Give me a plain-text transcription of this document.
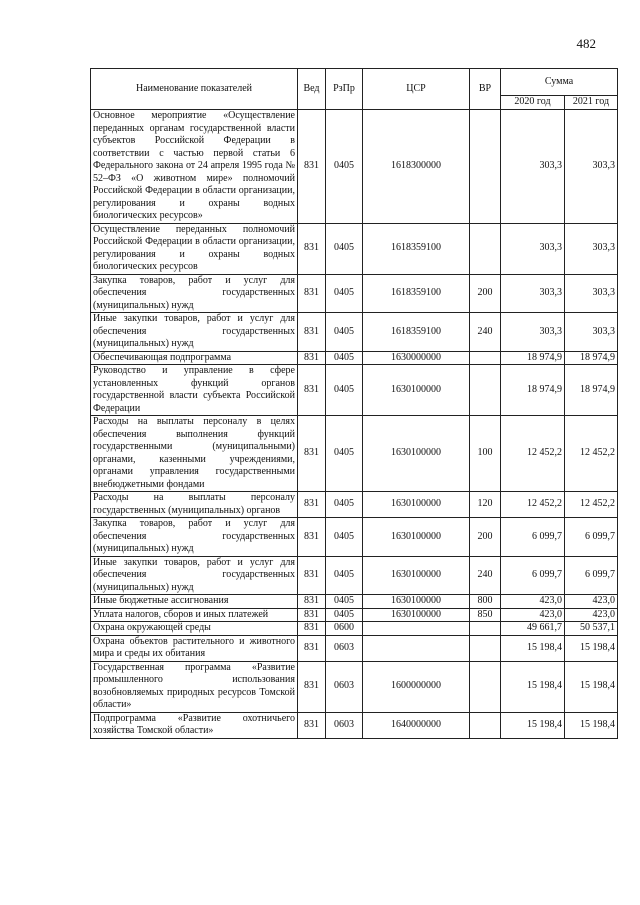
482
Наименование показателей	Вед	РзПр	ЦСР	ВР	Сумма	
					2020 год	2021 год
Основное мероприятие «Осуществление переданных органам государственной власти субъектов Российской Федерации в соответствии с частью первой статьи 6 Федерального закона от 24 апреля 1995 года № 52–ФЗ «О животном мире» полномочий Российской Федерации в области организации, регулирования и охраны водных биологических ресурсов»	831	0405	1618300000		303,3	303,3
Осуществление переданных полномочий Российской Федерации в области организации, регулирования и охраны водных биологических ресурсов	831	0405	1618359100		303,3	303,3
Закупка товаров, работ и услуг для обеспечения государственных (муниципальных) нужд	831	0405	1618359100	200	303,3	303,3
Иные закупки товаров, работ и услуг для обеспечения государственных (муниципальных) нужд	831	0405	1618359100	240	303,3	303,3
Обеспечивающая подпрограмма	831	0405	1630000000		18 974,9	18 974,9
Руководство и управление в сфере установленных функций органов государственной власти субъекта Российской Федерации	831	0405	1630100000		18 974,9	18 974,9
Расходы на выплаты персоналу в целях обеспечения выполнения функций государственными (муниципальными) органами, казенными учреждениями, органами управления государственными внебюджетными фондами	831	0405	1630100000	100	12 452,2	12 452,2
Расходы на выплаты персоналу государственных (муниципальных) органов	831	0405	1630100000	120	12 452,2	12 452,2
Закупка товаров, работ и услуг для обеспечения государственных (муниципальных) нужд	831	0405	1630100000	200	6 099,7	6 099,7
Иные закупки товаров, работ и услуг для обеспечения государственных (муниципальных) нужд	831	0405	1630100000	240	6 099,7	6 099,7
Иные бюджетные ассигнования	831	0405	1630100000	800	423,0	423,0
Уплата налогов, сборов и иных платежей	831	0405	1630100000	850	423,0	423,0
Охрана окружающей среды	831	0600			49 661,7	50 537,1
Охрана объектов растительного и животного мира и среды их обитания	831	0603			15 198,4	15 198,4
Государственная программа «Развитие промышленного использования возобновляемых природных ресурсов Томской области»	831	0603	1600000000		15 198,4	15 198,4
Подпрограмма «Развитие охотничьего хозяйства Томской области»	831	0603	1640000000		15 198,4	15 198,4
